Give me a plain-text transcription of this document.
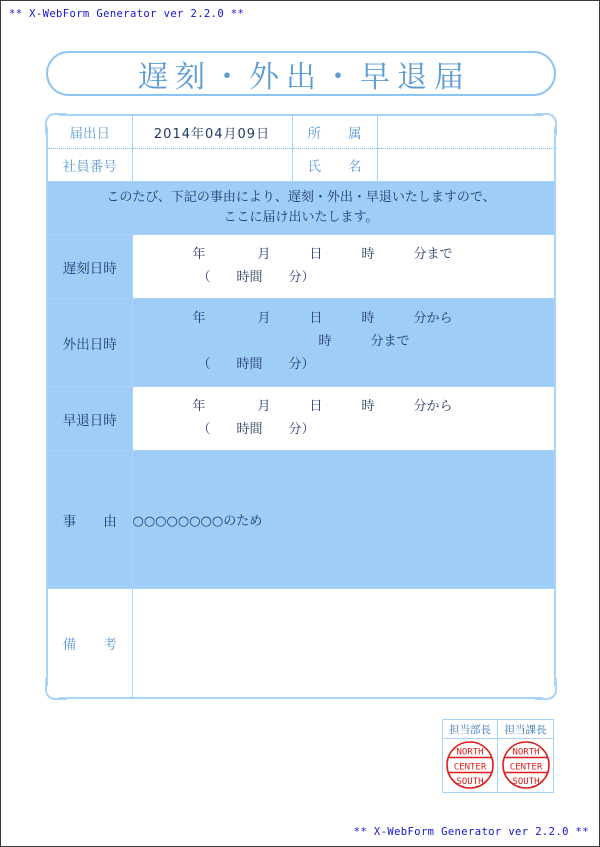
** X-WebForm Generator ver 2.2.0 **
遅刻・外出・早退届
届出日	2014年04月09日	所　　属	
社員番号		氏　　名	

このたび、下記の事由により、遅刻・外出・早退いたしますので、
ここに届け出いたします。			

遅刻日時	年　　　　月　　　日　　　時　　　分まで
（　　時間　　分）		

外出日時	年　　　　月　　　日　　　時　　　分から
時　　　分まで
（　　時間　　分）		

早退日時	年　　　　月　　　日　　　時　　　分から
（　　時間　　分）		

事　　由	○○○○○○○○のため		
備　　考			
担当部長
NORTH
CENTER
SOUTH
担当課長
NORTH
CENTER
SOUTH
** X-WebForm Generator ver 2.2.0 **
